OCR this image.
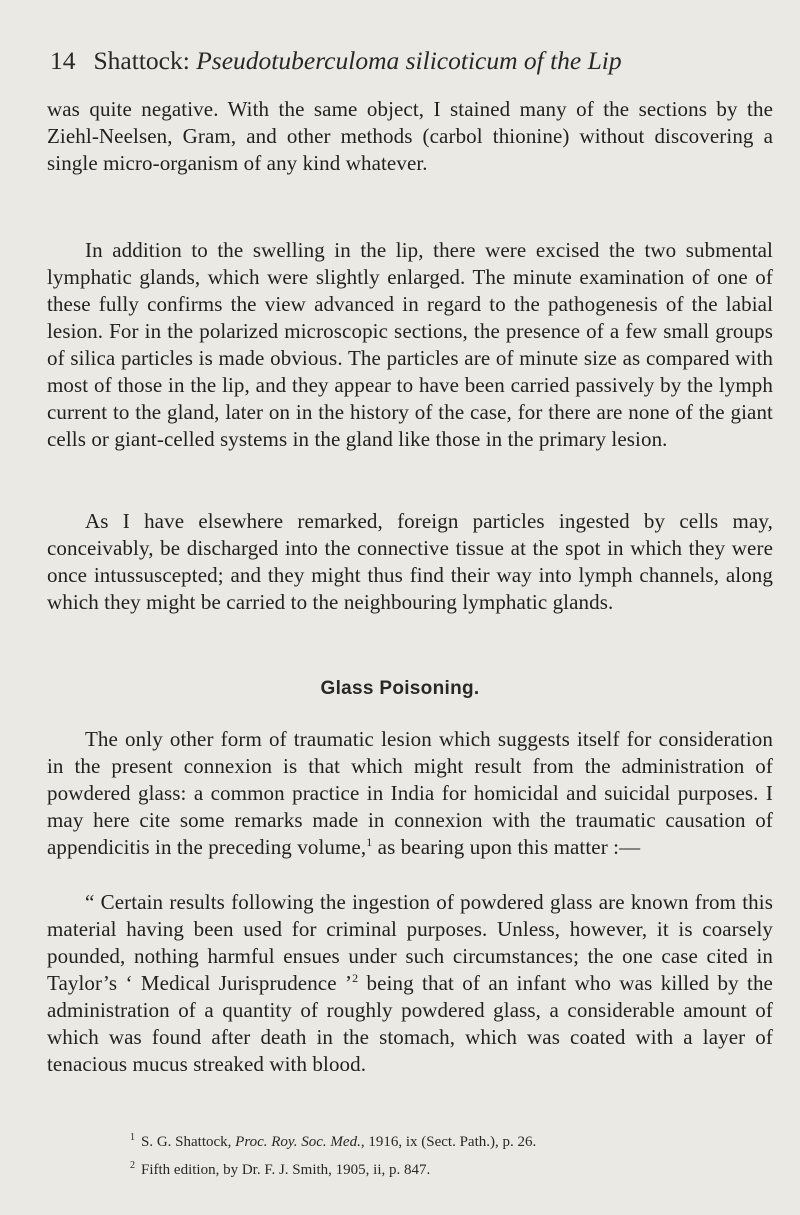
14 Shattock: Pseudotuberculoma silicoticum of the Lip

was quite negative. With the same object, I stained many of the sections by the Ziehl-Neelsen, Gram, and other methods (carbol thionine) without discovering a single micro-organism of any kind whatever.

In addition to the swelling in the lip, there were excised the two submental lymphatic glands, which were slightly enlarged. The minute examination of one of these fully confirms the view advanced in regard to the pathogenesis of the labial lesion. For in the polarized microscopic sections, the presence of a few small groups of silica particles is made obvious. The particles are of minute size as compared with most of those in the lip, and they appear to have been carried passively by the lymph current to the gland, later on in the history of the case, for there are none of the giant cells or giant-celled systems in the gland like those in the primary lesion.

As I have elsewhere remarked, foreign particles ingested by cells may, conceivably, be discharged into the connective tissue at the spot in which they were once intussuscepted; and they might thus find their way into lymph channels, along which they might be carried to the neighbouring lymphatic glands.

Glass Poisoning.

The only other form of traumatic lesion which suggests itself for consideration in the present connexion is that which might result from the administration of powdered glass: a common practice in India for homicidal and suicidal purposes. I may here cite some remarks made in connexion with the traumatic causation of appendicitis in the preceding volume,$^1$ as bearing upon this matter :—

“ Certain results following the ingestion of powdered glass are known from this material having been used for criminal purposes. Unless, however, it is coarsely pounded, nothing harmful ensues under such circumstances; the one case cited in Taylor’s ‘ Medical Jurisprudence ’$^2$ being that of an infant who was killed by the administration of a quantity of roughly powdered glass, a considerable amount of which was found after death in the stomach, which was coated with a layer of tenacious mucus streaked with blood.

$^1$ S. G. Shattock, Proc. Roy. Soc. Med., 1916, ix (Sect. Path.), p. 26.
$^2$ Fifth edition, by Dr. F. J. Smith, 1905, ii, p. 847.
